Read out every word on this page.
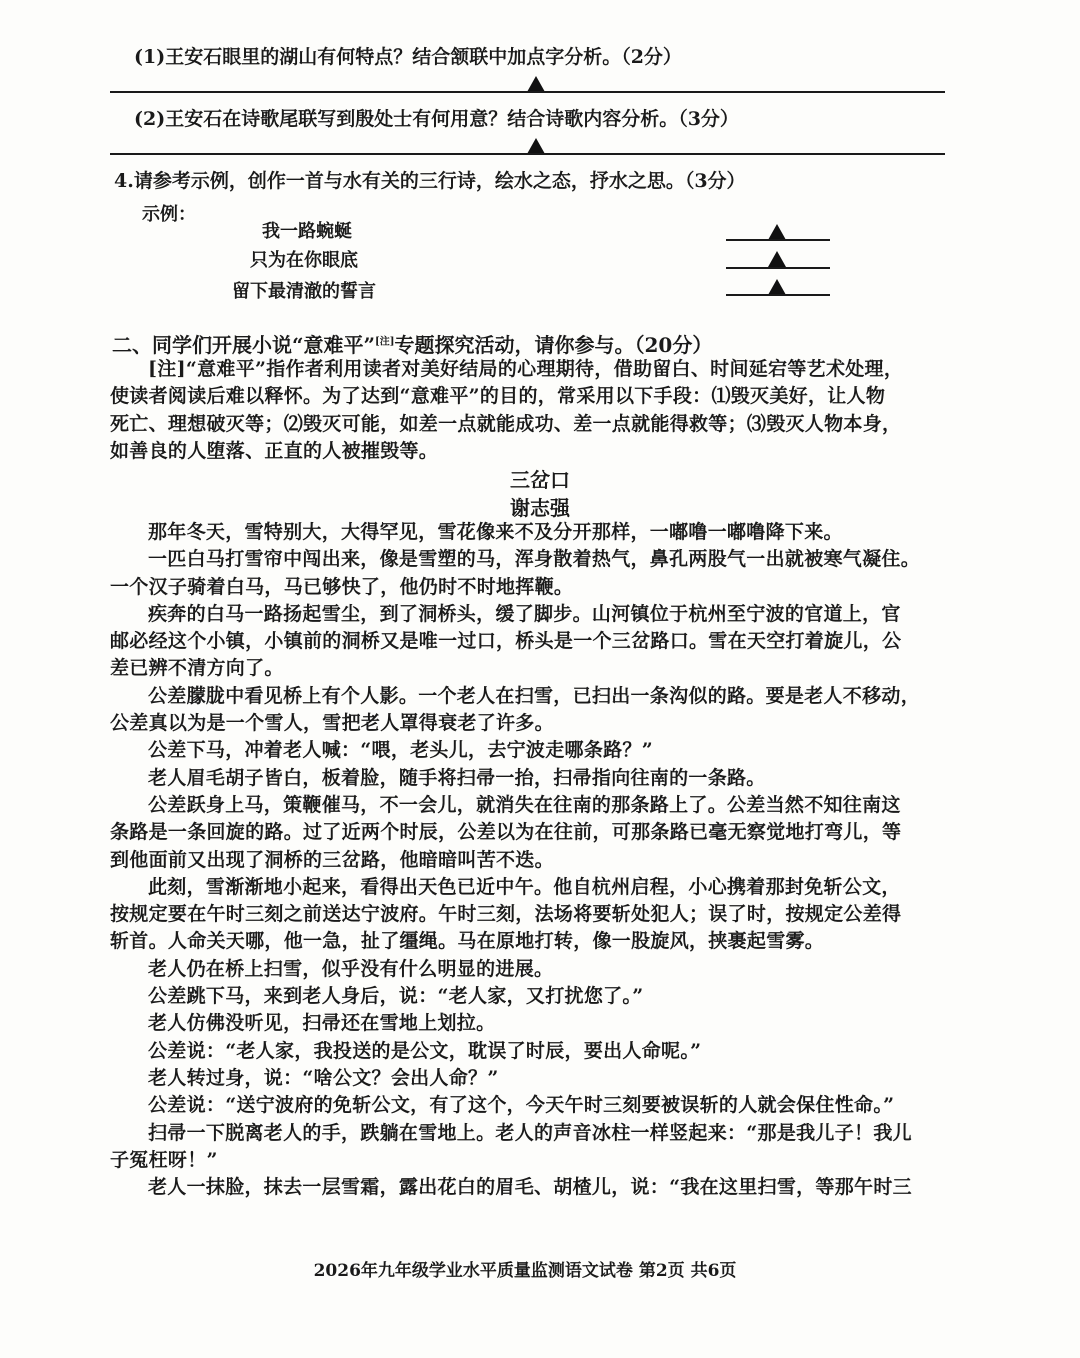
(1)王安石眼里的湖山有何特点？结合颔联中加点字分析。（2分）
(2)王安石在诗歌尾联写到殷处士有何用意？结合诗歌内容分析。（3分）
4.请参考示例，创作一首与水有关的三行诗，绘水之态，抒水之思。（3分）
示例：
我一路蜿蜒
只为在你眼底
留下最清澈的誓言
二、同学们开展小说“意难平”[注]专题探究活动，请你参与。（20分）
[注]“意难平”指作者利用读者对美好结局的心理期待，借助留白、时间延宕等艺术处理，
使读者阅读后难以释怀。为了达到“意难平”的目的，常采用以下手段：⑴毁灭美好，让人物
死亡、理想破灭等；⑵毁灭可能，如差一点就能成功、差一点就能得救等；⑶毁灭人物本身，
如善良的人堕落、正直的人被摧毁等。
三岔口
谢志强
那年冬天，雪特别大，大得罕见，雪花像来不及分开那样，一嘟噜一嘟噜降下来。
一匹白马打雪帘中闯出来，像是雪塑的马，浑身散着热气，鼻孔两股气一出就被寒气凝住。
一个汉子骑着白马，马已够快了，他仍时不时地挥鞭。
疾奔的白马一路扬起雪尘，到了洞桥头，缓了脚步。山河镇位于杭州至宁波的官道上，官
邮必经这个小镇，小镇前的洞桥又是唯一过口，桥头是一个三岔路口。雪在天空打着旋儿，公
差已辨不清方向了。
公差朦胧中看见桥上有个人影。一个老人在扫雪，已扫出一条沟似的路。要是老人不移动，
公差真以为是一个雪人，雪把老人罩得衰老了许多。
公差下马，冲着老人喊：“喂，老头儿，去宁波走哪条路？”
老人眉毛胡子皆白，板着脸，随手将扫帚一抬，扫帚指向往南的一条路。
公差跃身上马，策鞭催马，不一会儿，就消失在往南的那条路上了。公差当然不知往南这
条路是一条回旋的路。过了近两个时辰，公差以为在往前，可那条路已毫无察觉地打弯儿，等
到他面前又出现了洞桥的三岔路，他暗暗叫苦不迭。
此刻，雪渐渐地小起来，看得出天色已近中午。他自杭州启程，小心携着那封免斩公文，
按规定要在午时三刻之前送达宁波府。午时三刻，法场将要斩处犯人；误了时，按规定公差得
斩首。人命关天哪，他一急，扯了缰绳。马在原地打转，像一股旋风，挟裹起雪雾。
老人仍在桥上扫雪，似乎没有什么明显的进展。
公差跳下马，来到老人身后，说：“老人家，又打扰您了。”
老人仿佛没听见，扫帚还在雪地上划拉。
公差说：“老人家，我投送的是公文，耽误了时辰，要出人命呢。”
老人转过身，说：“啥公文？会出人命？”
公差说：“送宁波府的免斩公文，有了这个，今天午时三刻要被误斩的人就会保住性命。”
扫帚一下脱离老人的手，跌躺在雪地上。老人的声音冰柱一样竖起来：“那是我儿子！我儿
子冤枉呀！”
老人一抹脸，抹去一层雪霜，露出花白的眉毛、胡楂儿，说：“我在这里扫雪，等那午时三
2026年九年级学业水平质量监测语文试卷 第2页 共6页
